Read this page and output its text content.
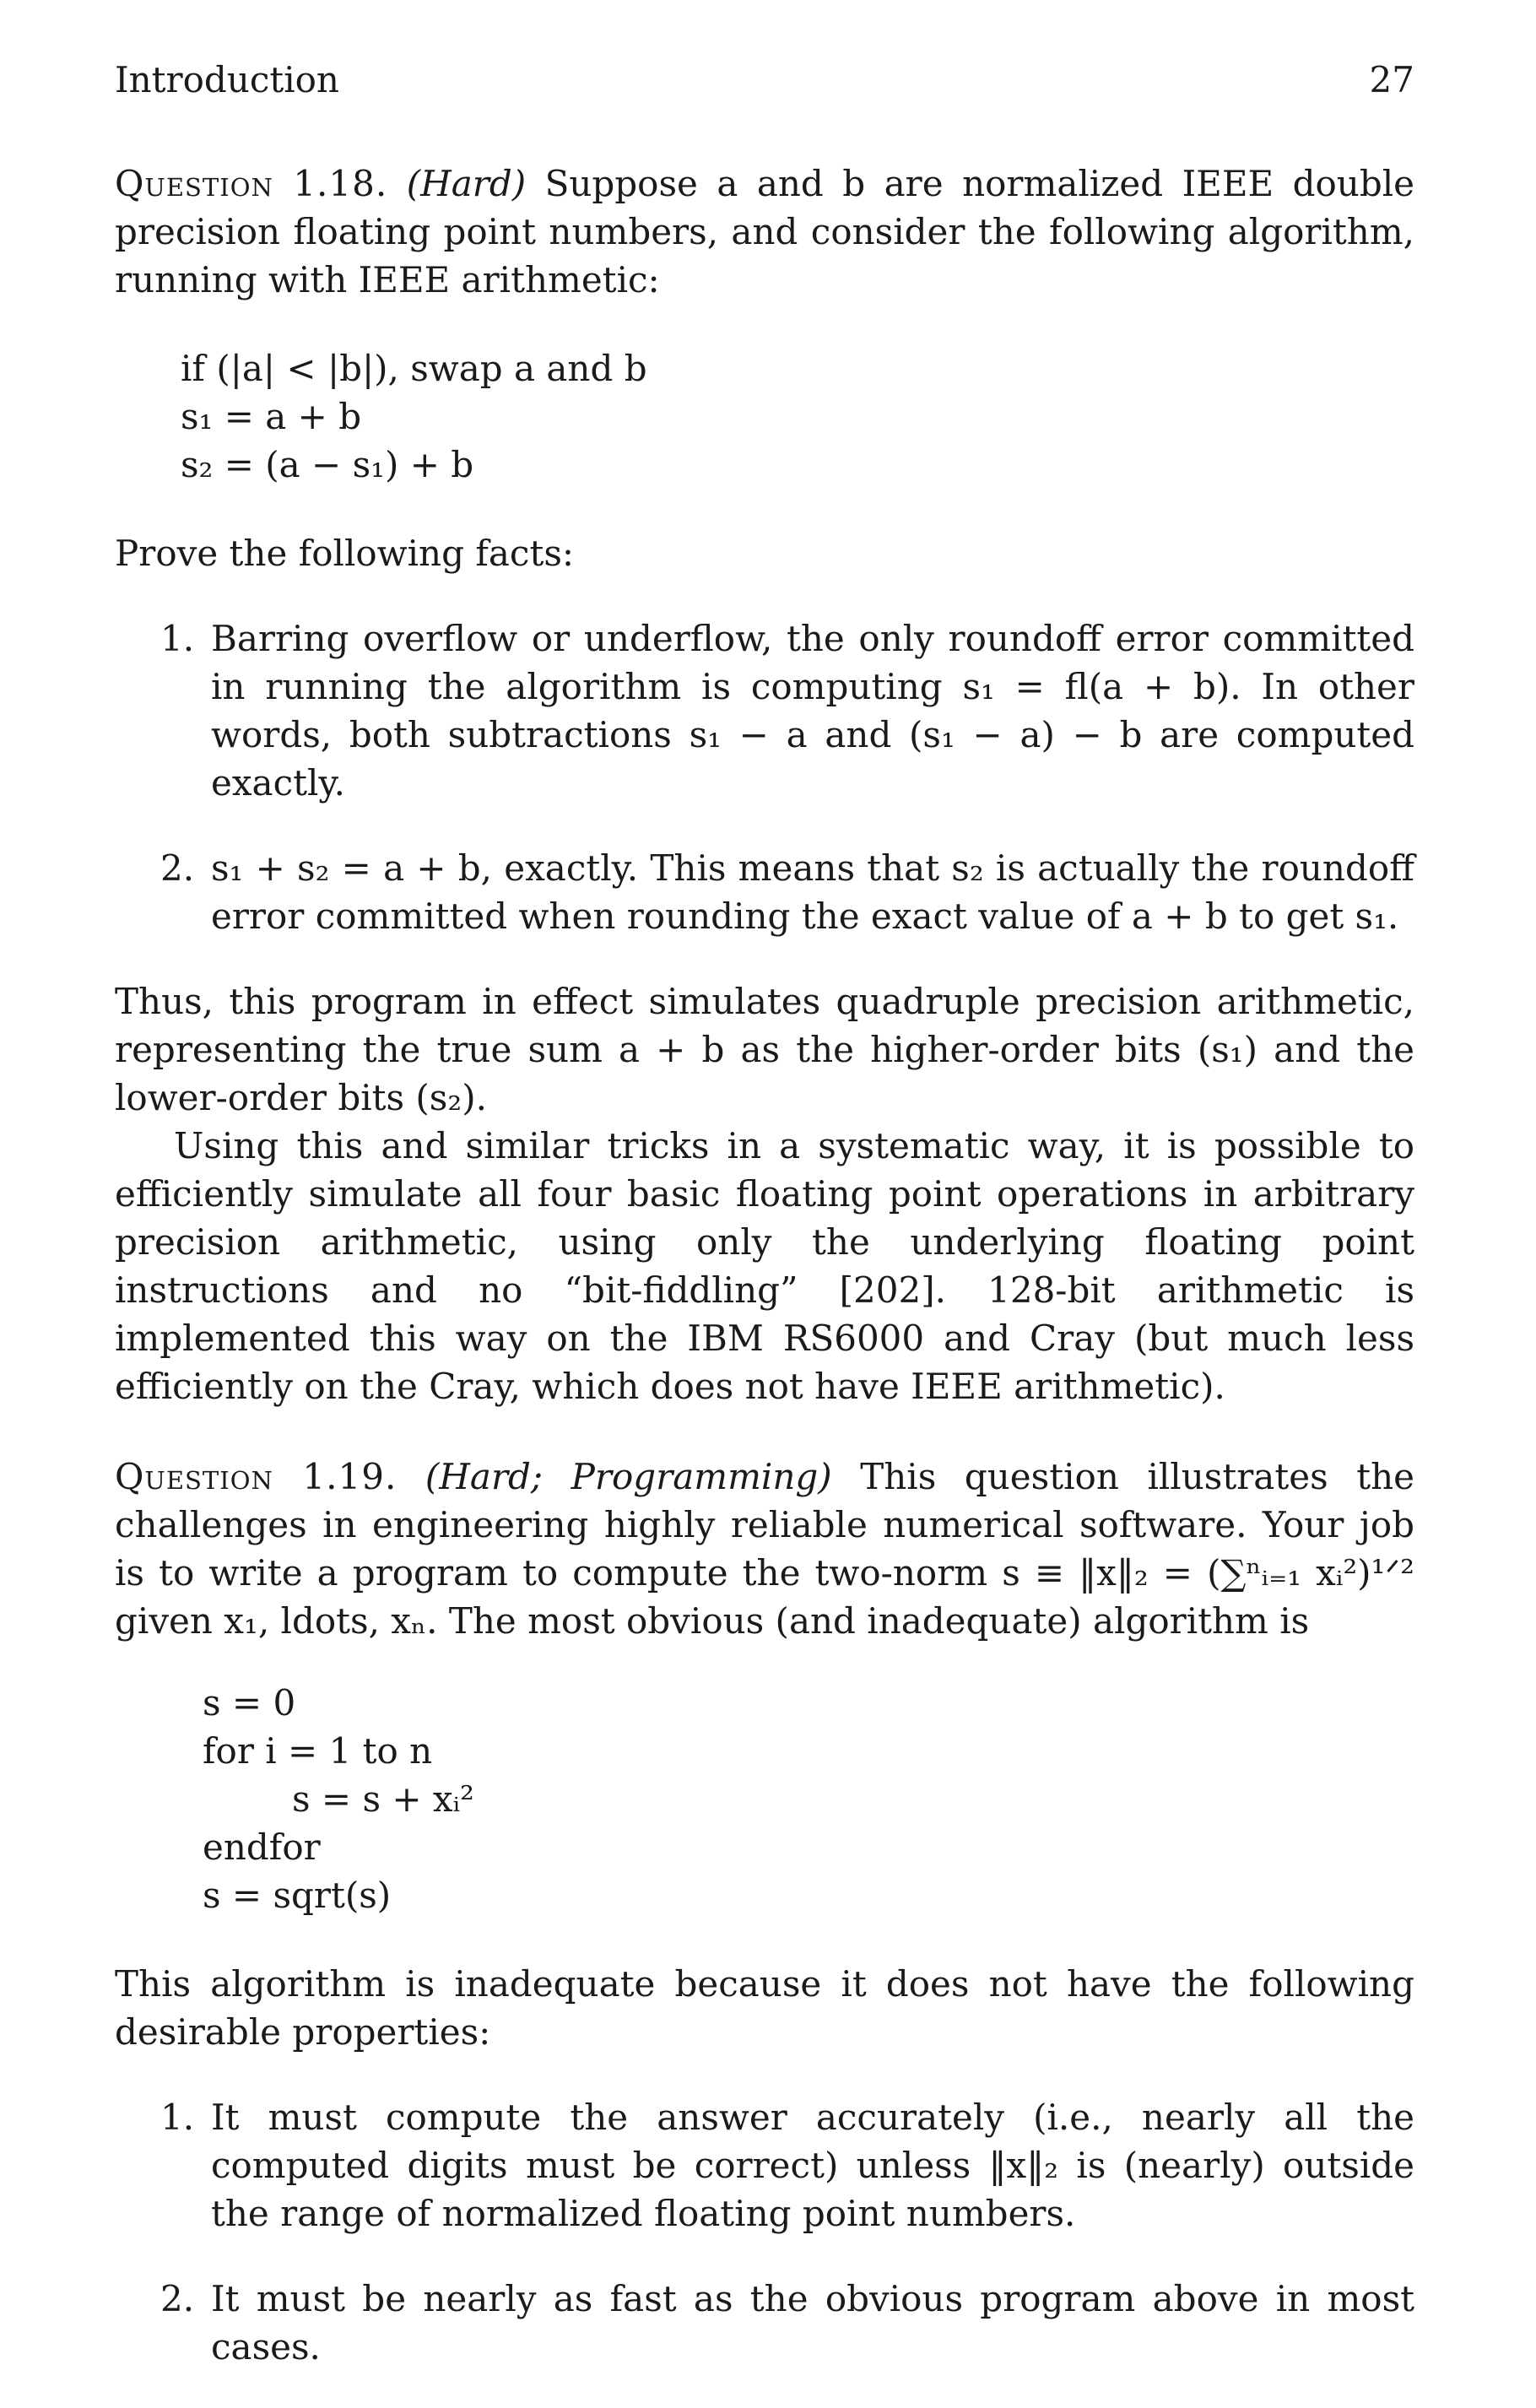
Introduction	27

Question 1.18. (Hard) Suppose a and b are normalized IEEE double precision floating point numbers, and consider the following algorithm, running with IEEE arithmetic:

if (|a| < |b|), swap a and b
s₁ = a + b
s₂ = (a − s₁) + b

Prove the following facts:

1. Barring overflow or underflow, the only roundoff error committed in running the algorithm is computing s₁ = fl(a + b). In other words, both subtractions s₁ − a and (s₁ − a) − b are computed exactly.
2. s₁ + s₂ = a + b, exactly. This means that s₂ is actually the roundoff error committed when rounding the exact value of a + b to get s₁.

Thus, this program in effect simulates quadruple precision arithmetic, representing the true sum a + b as the higher-order bits (s₁) and the lower-order bits (s₂).

Using this and similar tricks in a systematic way, it is possible to efficiently simulate all four basic floating point operations in arbitrary precision arithmetic, using only the underlying floating point instructions and no “bit-fiddling” [202]. 128-bit arithmetic is implemented this way on the IBM RS6000 and Cray (but much less efficiently on the Cray, which does not have IEEE arithmetic).

Question 1.19. (Hard; Programming) This question illustrates the challenges in engineering highly reliable numerical software. Your job is to write a program to compute the two-norm s ≡ ‖x‖₂ = (∑ⁿᵢ₌₁ xᵢ²)¹ᐟ² given x₁, ldots, xₙ. The most obvious (and inadequate) algorithm is

s = 0
for i = 1 to n
s = s + xᵢ²
endfor
s = sqrt(s)

This algorithm is inadequate because it does not have the following desirable properties:

1. It must compute the answer accurately (i.e., nearly all the computed digits must be correct) unless ‖x‖₂ is (nearly) outside the range of normalized floating point numbers.
2. It must be nearly as fast as the obvious program above in most cases.
